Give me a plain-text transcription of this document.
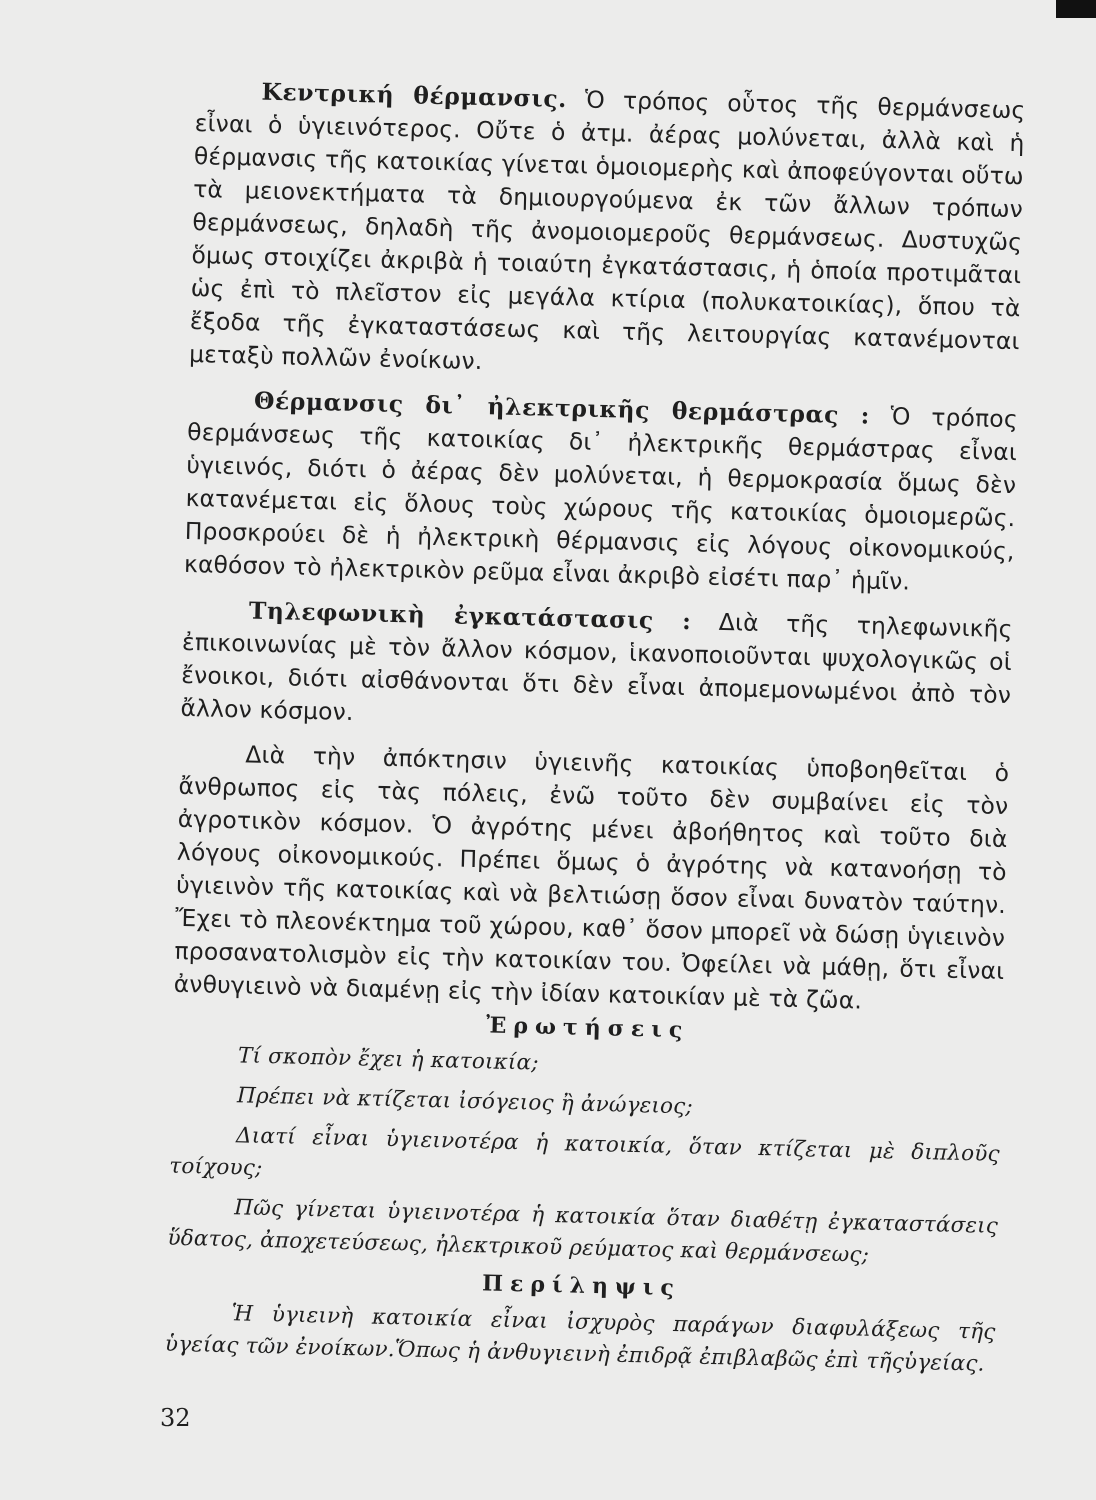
Κεντρική θέρμανσις. Ὁ τρόπος οὗτος τῆς θερμάνσεως εἶναι ὁ ὑγιεινότερος. Οὔτε ὁ ἀτμ. ἀέρας μολύνεται, ἀλλὰ καὶ ἡ θέρμανσις τῆς κατοικίας γίνεται ὁμοιομερὴς καὶ ἀποφεύγονται οὕτω τὰ μειονεκτήματα τὰ δημιουργούμενα ἐκ τῶν ἄλλων τρόπων θερμάνσεως, δηλαδὴ τῆς ἀνομοιομεροῦς θερμάνσεως. Δυστυχῶς ὅμως στοιχίζει ἀκριβὰ ἡ τοιαύτη ἐγκατάστασις, ἡ ὁποία προτιμᾶται ὡς ἐπὶ τὸ πλεῖστον εἰς μεγάλα κτίρια (πολυκατοικίας), ὅπου τὰ ἔξοδα τῆς ἐγκαταστάσεως καὶ τῆς λειτουργίας κατανέμονται μεταξὺ πολλῶν ἐνοίκων.

Θέρμανσις δι᾽ ἠλεκτρικῆς θερμάστρας : Ὁ τρόπος θερμάνσεως τῆς κατοικίας δι᾽ ἠλεκτρικῆς θερμάστρας εἶναι ὑγιεινός, διότι ὁ ἀέρας δὲν μολύνεται, ἡ θερμοκρασία ὅμως δὲν κατανέμεται εἰς ὅλους τοὺς χώρους τῆς κατοικίας ὁμοιομερῶς. Προσκρούει δὲ ἡ ἠλεκτρικὴ θέρμανσις εἰς λόγους οἰκονομικούς, καθόσον τὸ ἠλεκτρικὸν ρεῦμα εἶναι ἀκριβὸ εἰσέτι παρ᾽ ἡμῖν.

Τηλεφωνικὴ ἐγκατάστασις : Διὰ τῆς τηλεφωνικῆς ἐπικοινωνίας μὲ τὸν ἄλλον κόσμον, ἱκανοποιοῦνται ψυχολογικῶς οἱ ἔνοικοι, διότι αἰσθάνονται ὅτι δὲν εἶναι ἀπομεμονωμένοι ἀπὸ τὸν ἄλλον κόσμον.

Διὰ τὴν ἀπόκτησιν ὑγιεινῆς κατοικίας ὑποβοηθεῖται ὁ ἄνθρωπος εἰς τὰς πόλεις, ἐνῶ τοῦτο δὲν συμβαίνει εἰς τὸν ἀγροτικὸν κόσμον. Ὁ ἀγρότης μένει ἀβοήθητος καὶ τοῦτο διὰ λόγους οἰκονομικούς. Πρέπει ὅμως ὁ ἀγρότης νὰ κατανοήσῃ τὸ ὑγιεινὸν τῆς κατοικίας καὶ νὰ βελτιώσῃ ὅσον εἶναι δυνατὸν ταύτην. Ἔχει τὸ πλεονέκτημα τοῦ χώρου, καθ᾽ ὅσον μπορεῖ νὰ δώσῃ ὑγιεινὸν προσανατολισμὸν εἰς τὴν κατοικίαν του. Ὀφείλει νὰ μάθῃ, ὅτι εἶναι ἀνθυγιεινὸ νὰ διαμένῃ εἰς τὴν ἰδίαν κατοικίαν μὲ τὰ ζῶα.

Ἐρωτήσεις

Τί σκοπὸν ἔχει ἡ κατοικία;

Πρέπει νὰ κτίζεται ἰσόγειος ἢ ἀνώγειος;

Διατί εἶναι ὑγιεινοτέρα ἡ κατοικία, ὅταν κτίζεται μὲ διπλοῦς τοίχους;

Πῶς γίνεται ὑγιεινοτέρα ἡ κατοικία ὅταν διαθέτῃ ἐγκαταστάσεις ὕδατος, ἀποχετεύσεως, ἠλεκτρικοῦ ρεύματος καὶ θερμάνσεως;

Περίληψις

Ἡ ὑγιεινὴ κατοικία εἶναι ἰσχυρὸς παράγων διαφυλάξεως τῆς ὑγείας τῶν ἐνοίκων.Ὅπως ἡ ἀνθυγιεινὴ ἐπιδρᾷ ἐπιβλαβῶς ἐπὶ τῆςὑγείας.

32
